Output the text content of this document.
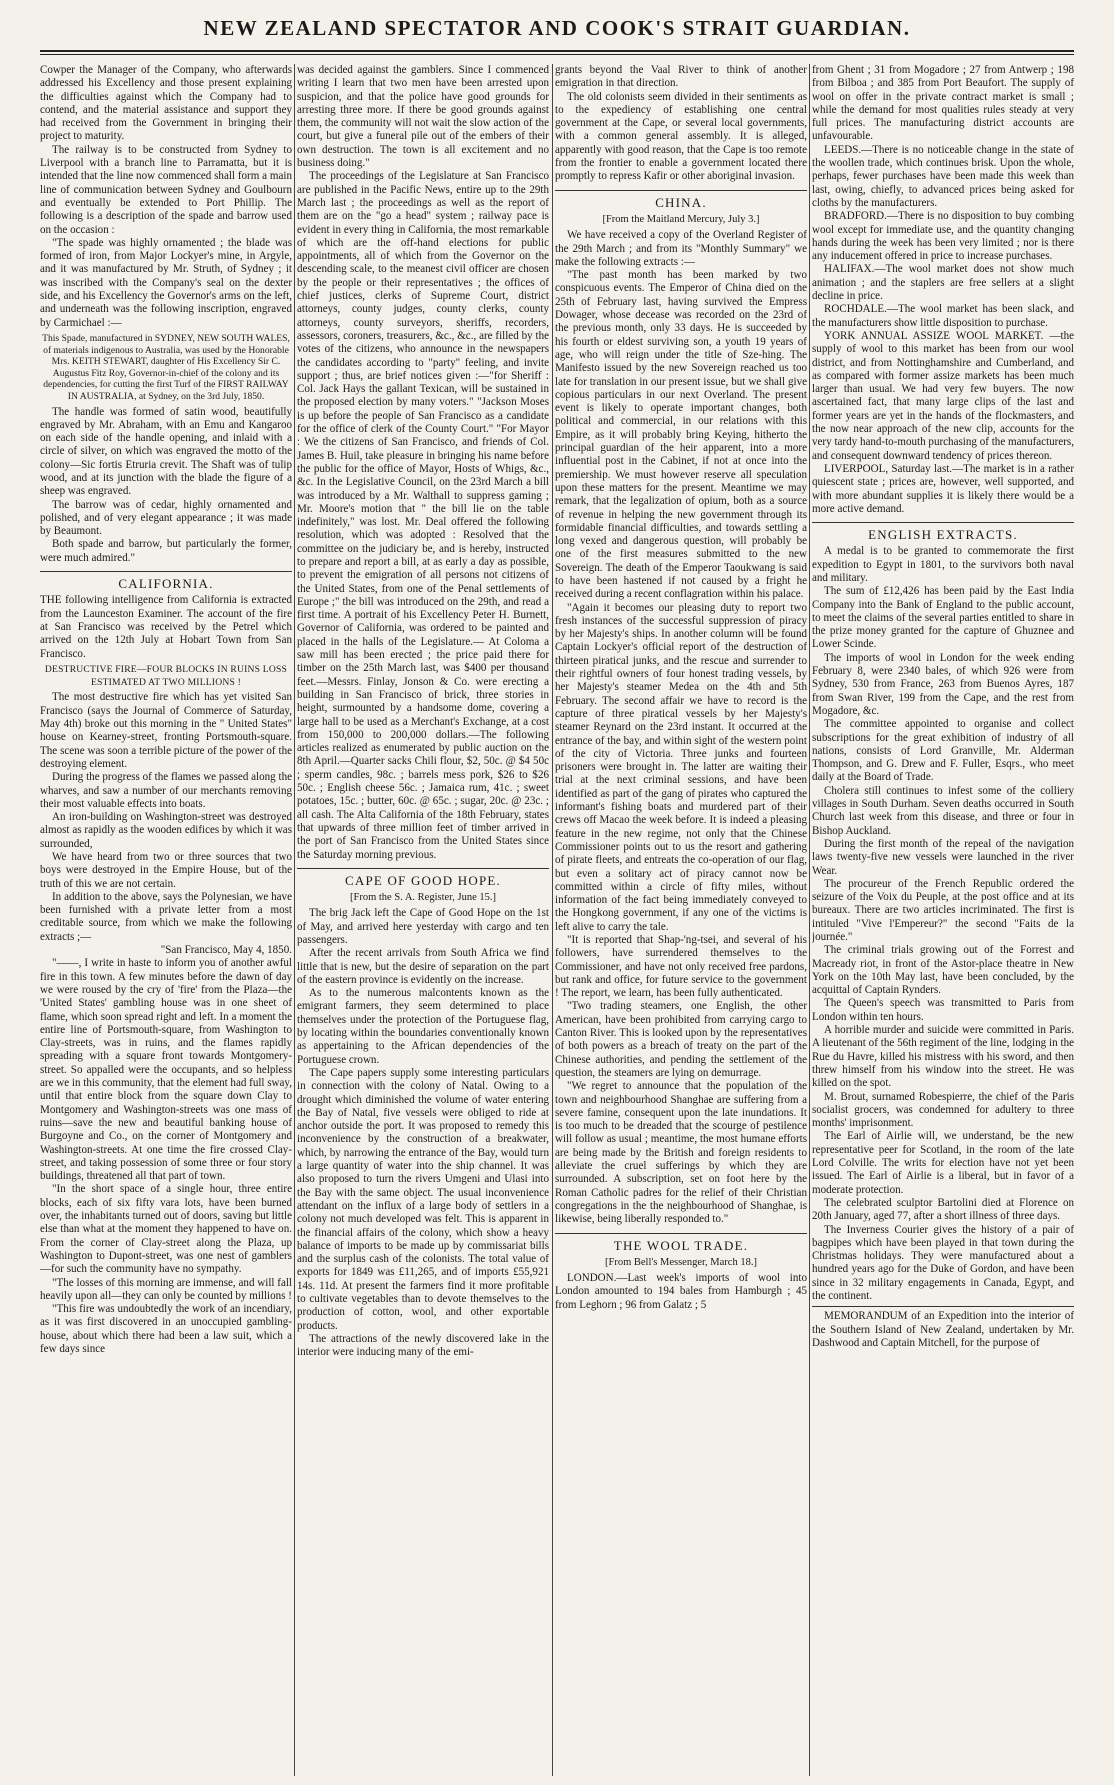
NEW ZEALAND SPECTATOR AND COOK'S STRAIT GUARDIAN.

Cowper the Manager of the Company, who afterwards addressed his Excellency and those present explaining the difficulties against which the Company had to contend, and the material assistance and support they had received from the Government in bringing their project to maturity.

The railway is to be constructed from Sydney to Liverpool with a branch line to Parramatta, but it is intended that the line now commenced shall form a main line of communication between Sydney and Goulbourn and eventually be extended to Port Phillip. The following is a description of the spade and barrow used on the occasion :

"The spade was highly ornamented ; the blade was formed of iron, from Major Lockyer's mine, in Argyle, and it was manufactured by Mr. Struth, of Sydney ; it was inscribed with the Company's seal on the dexter side, and his Excellency the Governor's arms on the left, and underneath was the following inscription, engraved by Carmichael :—

This Spade, manufactured in SYDNEY, NEW SOUTH WALES, of materials indigenous to Australia, was used by the Honorable Mrs. KEITH STEWART, daughter of His Excellency Sir C. Augustus Fitz Roy, Governor-in-chief of the colony and its dependencies, for cutting the first Turf of the FIRST RAILWAY IN AUSTRALIA, at Sydney, on the 3rd July, 1850.

The handle was formed of satin wood, beautifully engraved by Mr. Abraham, with an Emu and Kangaroo on each side of the handle opening, and inlaid with a circle of silver, on which was engraved the motto of the colony—Sic fortis Etruria crevit. The Shaft was of tulip wood, and at its junction with the blade the figure of a sheep was engraved.

The barrow was of cedar, highly ornamented and polished, and of very elegant appearance ; it was made by Beaumont.

Both spade and barrow, but particularly the former, were much admired."

CALIFORNIA.

THE following intelligence from California is extracted from the Launceston Examiner. The account of the fire at San Francisco was received by the Petrel which arrived on the 12th July at Hobart Town from San Francisco.

DESTRUCTIVE FIRE—FOUR BLOCKS IN RUINS LOSS ESTIMATED AT TWO MILLIONS !

The most destructive fire which has yet visited San Francisco (says the Journal of Commerce of Saturday, May 4th) broke out this morning in the " United States" house on Kearney-street, fronting Portsmouth-square. The scene was soon a terrible picture of the power of the destroying element.

During the progress of the flames we passed along the wharves, and saw a number of our merchants removing their most valuable effects into boats.

An iron-building on Washington-street was destroyed almost as rapidly as the wooden edifices by which it was surrounded,

We have heard from two or three sources that two boys were destroyed in the Empire House, but of the truth of this we are not certain.

In addition to the above, says the Polynesian, we have been furnished with a private letter from a most creditable source, from which we make the following extracts ;—

"San Francisco, May 4, 1850.

"——, I write in haste to inform you of another awful fire in this town. A few minutes before the dawn of day we were roused by the cry of 'fire' from the Plaza—the 'United States' gambling house was in one sheet of flame, which soon spread right and left. In a moment the entire line of Portsmouth-square, from Washington to Clay-streets, was in ruins, and the flames rapidly spreading with a square front towards Montgomery-street. So appalled were the occupants, and so helpless are we in this community, that the element had full sway, until that entire block from the square down Clay to Montgomery and Washington-streets was one mass of ruins—save the new and beautiful banking house of Burgoyne and Co., on the corner of Montgomery and Washington-streets. At one time the fire crossed Clay-street, and taking possession of some three or four story buildings, threatened all that part of town.

"In the short space of a single hour, three entire blocks, each of six fifty vara lots, have been burned over, the inhabitants turned out of doors, saving but little else than what at the moment they happened to have on. From the corner of Clay-street along the Plaza, up Washington to Dupont-street, was one nest of gamblers—for such the community have no sympathy.

"The losses of this morning are immense, and will fall heavily upon all—they can only be counted by millions !

"This fire was undoubtedly the work of an incendiary, as it was first discovered in an unoccupied gambling-house, about which there had been a law suit, which a few days since

was decided against the gamblers. Since I commenced writing I learn that two men have been arrested upon suspicion, and that the police have good grounds for arresting three more. If there be good grounds against them, the community will not wait the slow action of the court, but give a funeral pile out of the embers of their own destruction. The town is all excitement and no business doing."

The proceedings of the Legislature at San Francisco are published in the Pacific News, entire up to the 29th March last ; the proceedings as well as the report of them are on the "go a head" system ; railway pace is evident in every thing in California, the most remarkable of which are the off-hand elections for public appointments, all of which from the Governor on the descending scale, to the meanest civil officer are chosen by the people or their representatives ; the offices of chief justices, clerks of Supreme Court, district attorneys, county judges, county clerks, county attorneys, county surveyors, sheriffs, recorders, assessors, coroners, treasurers, &c., &c., are filled by the votes of the citizens, who announce in the newspapers the candidates according to "party" feeling, and invite support ; thus, are brief notices given :—"for Sheriff : Col. Jack Hays the gallant Texican, will be sustained in the proposed election by many voters." "Jackson Moses is up before the people of San Francisco as a candidate for the office of clerk of the County Court." "For Mayor : We the citizens of San Francisco, and friends of Col. James B. Huil, take pleasure in bringing his name before the public for the office of Mayor, Hosts of Whigs, &c., &c. In the Legislative Council, on the 23rd March a bill was introduced by a Mr. Walthall to suppress gaming ; Mr. Moore's motion that " the bill lie on the table indefinitely," was lost. Mr. Deal offered the following resolution, which was adopted : Resolved that the committee on the judiciary be, and is hereby, instructed to prepare and report a bill, at as early a day as possible, to prevent the emigration of all persons not citizens of the United States, from one of the Penal settlements of Europe ;" the bill was introduced on the 29th, and read a first time. A portrait of his Excellency Peter H. Burnett, Governor of California, was ordered to be painted and placed in the halls of the Legislature.— At Coloma a saw mill has been erected ; the price paid there for timber on the 25th March last, was $400 per thousand feet.—Messrs. Finlay, Jonson & Co. were erecting a building in San Francisco of brick, three stories in height, surmounted by a handsome dome, covering a large hall to be used as a Merchant's Exchange, at a cost from 150,000 to 200,000 dollars.—The following articles realized as enumerated by public auction on the 8th April.—Quarter sacks Chili flour, $2, 50c. @ $4 50c ; sperm candles, 98c. ; barrels mess pork, $26 to $26 50c. ; English cheese 56c. ; Jamaica rum, 41c. ; sweet potatoes, 15c. ; butter, 60c. @ 65c. ; sugar, 20c. @ 23c. ; all cash. The Alta California of the 18th February, states that upwards of three million feet of timber arrived in the port of San Francisco from the United States since the Saturday morning previous.

CAPE OF GOOD HOPE.

[From the S. A. Register, June 15.]

The brig Jack left the Cape of Good Hope on the 1st of May, and arrived here yesterday with cargo and ten passengers.

After the recent arrivals from South Africa we find little that is new, but the desire of separation on the part of the eastern province is evidently on the increase.

As to the numerous malcontents known as the emigrant farmers, they seem determined to place themselves under the protection of the Portuguese flag, by locating within the boundaries conventionally known as appertaining to the African dependencies of the Portuguese crown.

The Cape papers supply some interesting particulars in connection with the colony of Natal. Owing to a drought which diminished the volume of water entering the Bay of Natal, five vessels were obliged to ride at anchor outside the port. It was proposed to remedy this inconvenience by the construction of a breakwater, which, by narrowing the entrance of the Bay, would turn a large quantity of water into the ship channel. It was also proposed to turn the rivers Umgeni and Ulasi into the Bay with the same object. The usual inconvenience attendant on the influx of a large body of settlers in a colony not much developed was felt. This is apparent in the financial affairs of the colony, which show a heavy balance of imports to be made up by commissariat bills and the surplus cash of the colonists. The total value of exports for 1849 was £11,265, and of imports £55,921 14s. 11d. At present the farmers find it more profitable to cultivate vegetables than to devote themselves to the production of cotton, wool, and other exportable products.

The attractions of the newly discovered lake in the interior were inducing many of the emi-

grants beyond the Vaal River to think of another emigration in that direction.

The old colonists seem divided in their sentiments as to the expediency of establishing one central government at the Cape, or several local governments, with a common general assembly. It is alleged, apparently with good reason, that the Cape is too remote from the frontier to enable a government located there promptly to repress Kafir or other aboriginal invasion.

CHINA.

[From the Maitland Mercury, July 3.]

We have received a copy of the Overland Register of the 29th March ; and from its "Monthly Summary" we make the following extracts :—

"The past month has been marked by two conspicuous events. The Emperor of China died on the 25th of February last, having survived the Empress Dowager, whose decease was recorded on the 23rd of the previous month, only 33 days. He is succeeded by his fourth or eldest surviving son, a youth 19 years of age, who will reign under the title of Sze-hing. The Manifesto issued by the new Sovereign reached us too late for translation in our present issue, but we shall give copious particulars in our next Overland. The present event is likely to operate important changes, both political and commercial, in our relations with this Empire, as it will probably bring Keying, hitherto the principal guardian of the heir apparent, into a more influential post in the Cabinet, if not at once into the premiership. We must however reserve all speculation upon these matters for the present. Meantime we may remark, that the legalization of opium, both as a source of revenue in helping the new government through its formidable financial difficulties, and towards settling a long vexed and dangerous question, will probably be one of the first measures submitted to the new Sovereign. The death of the Emperor Taoukwang is said to have been hastened if not caused by a fright he received during a recent conflagration within his palace.

"Again it becomes our pleasing duty to report two fresh instances of the successful suppression of piracy by her Majesty's ships. In another column will be found Captain Lockyer's official report of the destruction of thirteen piratical junks, and the rescue and surrender to their rightful owners of four honest trading vessels, by her Majesty's steamer Medea on the 4th and 5th February. The second affair we have to record is the capture of three piratical vessels by her Majesty's steamer Reynard on the 23rd instant. It occurred at the entrance of the bay, and within sight of the western point of the city of Victoria. Three junks and fourteen prisoners were brought in. The latter are waiting their trial at the next criminal sessions, and have been identified as part of the gang of pirates who captured the informant's fishing boats and murdered part of their crews off Macao the week before. It is indeed a pleasing feature in the new regime, not only that the Chinese Commissioner points out to us the resort and gathering of pirate fleets, and entreats the co-operation of our flag, but even a solitary act of piracy cannot now be committed within a circle of fifty miles, without information of the fact being immediately conveyed to the Hongkong government, if any one of the victims is left alive to carry the tale.

"It is reported that Shap-'ng-tsei, and several of his followers, have surrendered themselves to the Commissioner, and have not only received free pardons, but rank and office, for future service to the government ! The report, we learn, has been fully authenticated.

"Two trading steamers, one English, the other American, have been prohibited from carrying cargo to Canton River. This is looked upon by the representatives of both powers as a breach of treaty on the part of the Chinese authorities, and pending the settlement of the question, the steamers are lying on demurrage.

"We regret to announce that the population of the town and neighbourhood Shanghae are suffering from a severe famine, consequent upon the late inundations. It is too much to be dreaded that the scourge of pestilence will follow as usual ; meantime, the most humane efforts are being made by the British and foreign residents to alleviate the cruel sufferings by which they are surrounded. A subscription, set on foot here by the Roman Catholic padres for the relief of their Christian congregations in the the neighbourhood of Shanghae, is likewise, being liberally responded to."

THE WOOL TRADE.

[From Bell's Messenger, March 18.]

LONDON.—Last week's imports of wool into London amounted to 194 bales from Hamburgh ; 45 from Leghorn ; 96 from Galatz ; 5

from Ghent ; 31 from Mogadore ; 27 from Antwerp ; 198 from Bilboa ; and 385 from Port Beaufort. The supply of wool on offer in the private contract market is small ; while the demand for most qualities rules steady at very full prices. The manufacturing district accounts are unfavourable.

LEEDS.—There is no noticeable change in the state of the woollen trade, which continues brisk. Upon the whole, perhaps, fewer purchases have been made this week than last, owing, chiefly, to advanced prices being asked for cloths by the manufacturers.

BRADFORD.—There is no disposition to buy combing wool except for immediate use, and the quantity changing hands during the week has been very limited ; nor is there any inducement offered in price to increase purchases.

HALIFAX.—The wool market does not show much animation ; and the staplers are free sellers at a slight decline in price.

ROCHDALE.—The wool market has been slack, and the manufacturers show little disposition to purchase.

YORK ANNUAL ASSIZE WOOL MARKET. —the supply of wool to this market has been from our wool district, and from Nottinghamshire and Cumberland, and as compared with former assize markets has been much larger than usual. We had very few buyers. The now ascertained fact, that many large clips of the last and former years are yet in the hands of the flockmasters, and the now near approach of the new clip, accounts for the very tardy hand-to-mouth purchasing of the manufacturers, and consequent downward tendency of prices thereon.

LIVERPOOL, Saturday last.—The market is in a rather quiescent state ; prices are, however, well supported, and with more abundant supplies it is likely there would be a more active demand.

ENGLISH EXTRACTS.

A medal is to be granted to commemorate the first expedition to Egypt in 1801, to the survivors both naval and military.

The sum of £12,426 has been paid by the East India Company into the Bank of England to the public account, to meet the claims of the several parties entitled to share in the prize money granted for the capture of Ghuznee and Lower Scinde.

The imports of wool in London for the week ending February 8, were 2340 bales, of which 926 were from Sydney, 530 from France, 263 from Buenos Ayres, 187 from Swan River, 199 from the Cape, and the rest from Mogadore, &c.

The committee appointed to organise and collect subscriptions for the great exhibition of industry of all nations, consists of Lord Granville, Mr. Alderman Thompson, and G. Drew and F. Fuller, Esqrs., who meet daily at the Board of Trade.

Cholera still continues to infest some of the colliery villages in South Durham. Seven deaths occurred in South Church last week from this disease, and three or four in Bishop Auckland.

During the first month of the repeal of the navigation laws twenty-five new vessels were launched in the river Wear.

The procureur of the French Republic ordered the seizure of the Voix du Peuple, at the post office and at its bureaux. There are two articles incriminated. The first is intituled "Vive l'Empereur?" the second "Faits de la journée."

The criminal trials growing out of the Forrest and Macready riot, in front of the Astor-place theatre in New York on the 10th May last, have been concluded, by the acquittal of Captain Rynders.

The Queen's speech was transmitted to Paris from London within ten hours.

A horrible murder and suicide were committed in Paris. A lieutenant of the 56th regiment of the line, lodging in the Rue du Havre, killed his mistress with his sword, and then threw himself from his window into the street. He was killed on the spot.

M. Brout, surnamed Robespierre, the chief of the Paris socialist grocers, was condemned for adultery to three months' imprisonment.

The Earl of Airlie will, we understand, be the new representative peer for Scotland, in the room of the late Lord Colville. The writs for election have not yet been issued. The Earl of Airlie is a liberal, but in favor of a moderate protection.

The celebrated sculptor Bartolini died at Florence on 20th January, aged 77, after a short illness of three days.

The Inverness Courier gives the history of a pair of bagpipes which have been played in that town during the Christmas holidays. They were manufactured about a hundred years ago for the Duke of Gordon, and have been since in 32 military engagements in Canada, Egypt, and the continent.

MEMORANDUM of an Expedition into the interior of the Southern Island of New Zealand, undertaken by Mr. Dashwood and Captain Mitchell, for the purpose of
